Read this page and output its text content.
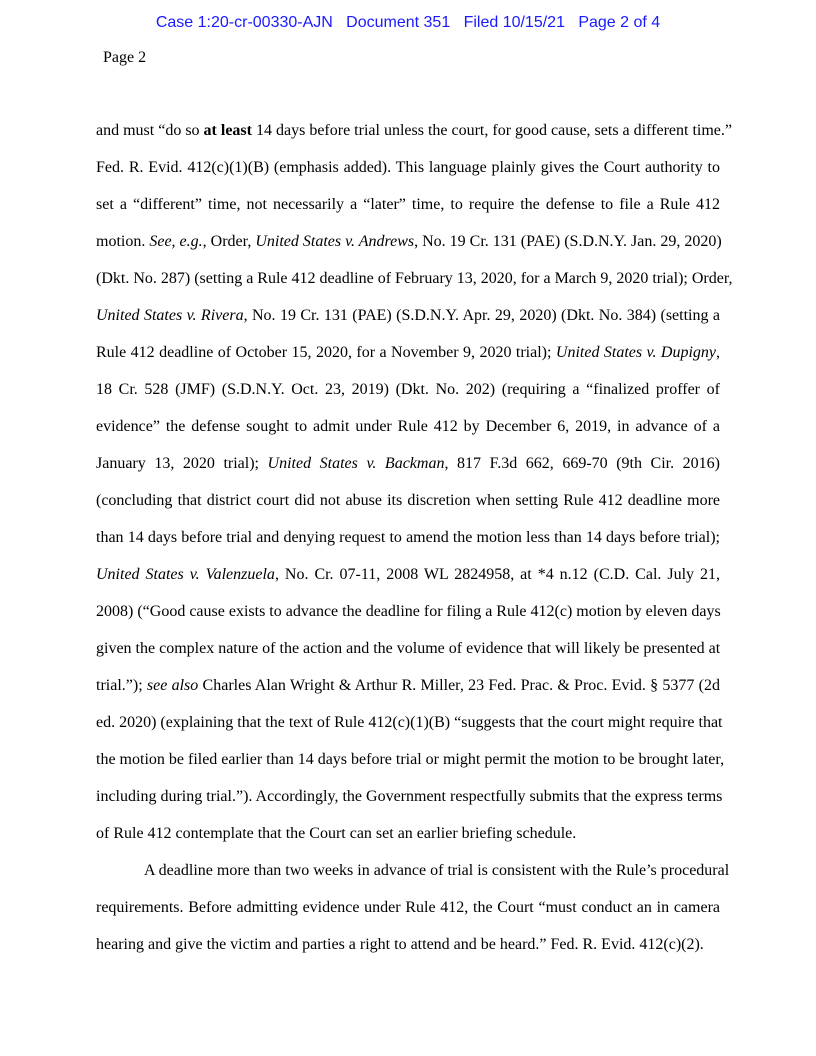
Case 1:20-cr-00330-AJN Document 351 Filed 10/15/21 Page 2 of 4
Page 2
and must “do so at least 14 days before trial unless the court, for good cause, sets a different time.”
Fed. R. Evid. 412(c)(1)(B) (emphasis added). This language plainly gives the Court authority to
set a “different” time, not necessarily a “later” time, to require the defense to file a Rule 412
motion. See, e.g., Order, United States v. Andrews, No. 19 Cr. 131 (PAE) (S.D.N.Y. Jan. 29, 2020)
(Dkt. No. 287) (setting a Rule 412 deadline of February 13, 2020, for a March 9, 2020 trial); Order,
United States v. Rivera, No. 19 Cr. 131 (PAE) (S.D.N.Y. Apr. 29, 2020) (Dkt. No. 384) (setting a
Rule 412 deadline of October 15, 2020, for a November 9, 2020 trial); United States v. Dupigny,
18 Cr. 528 (JMF) (S.D.N.Y. Oct. 23, 2019) (Dkt. No. 202) (requiring a “finalized proffer of
evidence” the defense sought to admit under Rule 412 by December 6, 2019, in advance of a
January 13, 2020 trial); United States v. Backman, 817 F.3d 662, 669-70 (9th Cir. 2016)
(concluding that district court did not abuse its discretion when setting Rule 412 deadline more
than 14 days before trial and denying request to amend the motion less than 14 days before trial);
United States v. Valenzuela, No. Cr. 07-11, 2008 WL 2824958, at *4 n.12 (C.D. Cal. July 21,
2008) (“Good cause exists to advance the deadline for filing a Rule 412(c) motion by eleven days
given the complex nature of the action and the volume of evidence that will likely be presented at
trial.”); see also Charles Alan Wright & Arthur R. Miller, 23 Fed. Prac. & Proc. Evid. § 5377 (2d
ed. 2020) (explaining that the text of Rule 412(c)(1)(B) “suggests that the court might require that
the motion be filed earlier than 14 days before trial or might permit the motion to be brought later,
including during trial.”). Accordingly, the Government respectfully submits that the express terms
of Rule 412 contemplate that the Court can set an earlier briefing schedule.
A deadline more than two weeks in advance of trial is consistent with the Rule’s procedural
requirements. Before admitting evidence under Rule 412, the Court “must conduct an in camera
hearing and give the victim and parties a right to attend and be heard.” Fed. R. Evid. 412(c)(2).
